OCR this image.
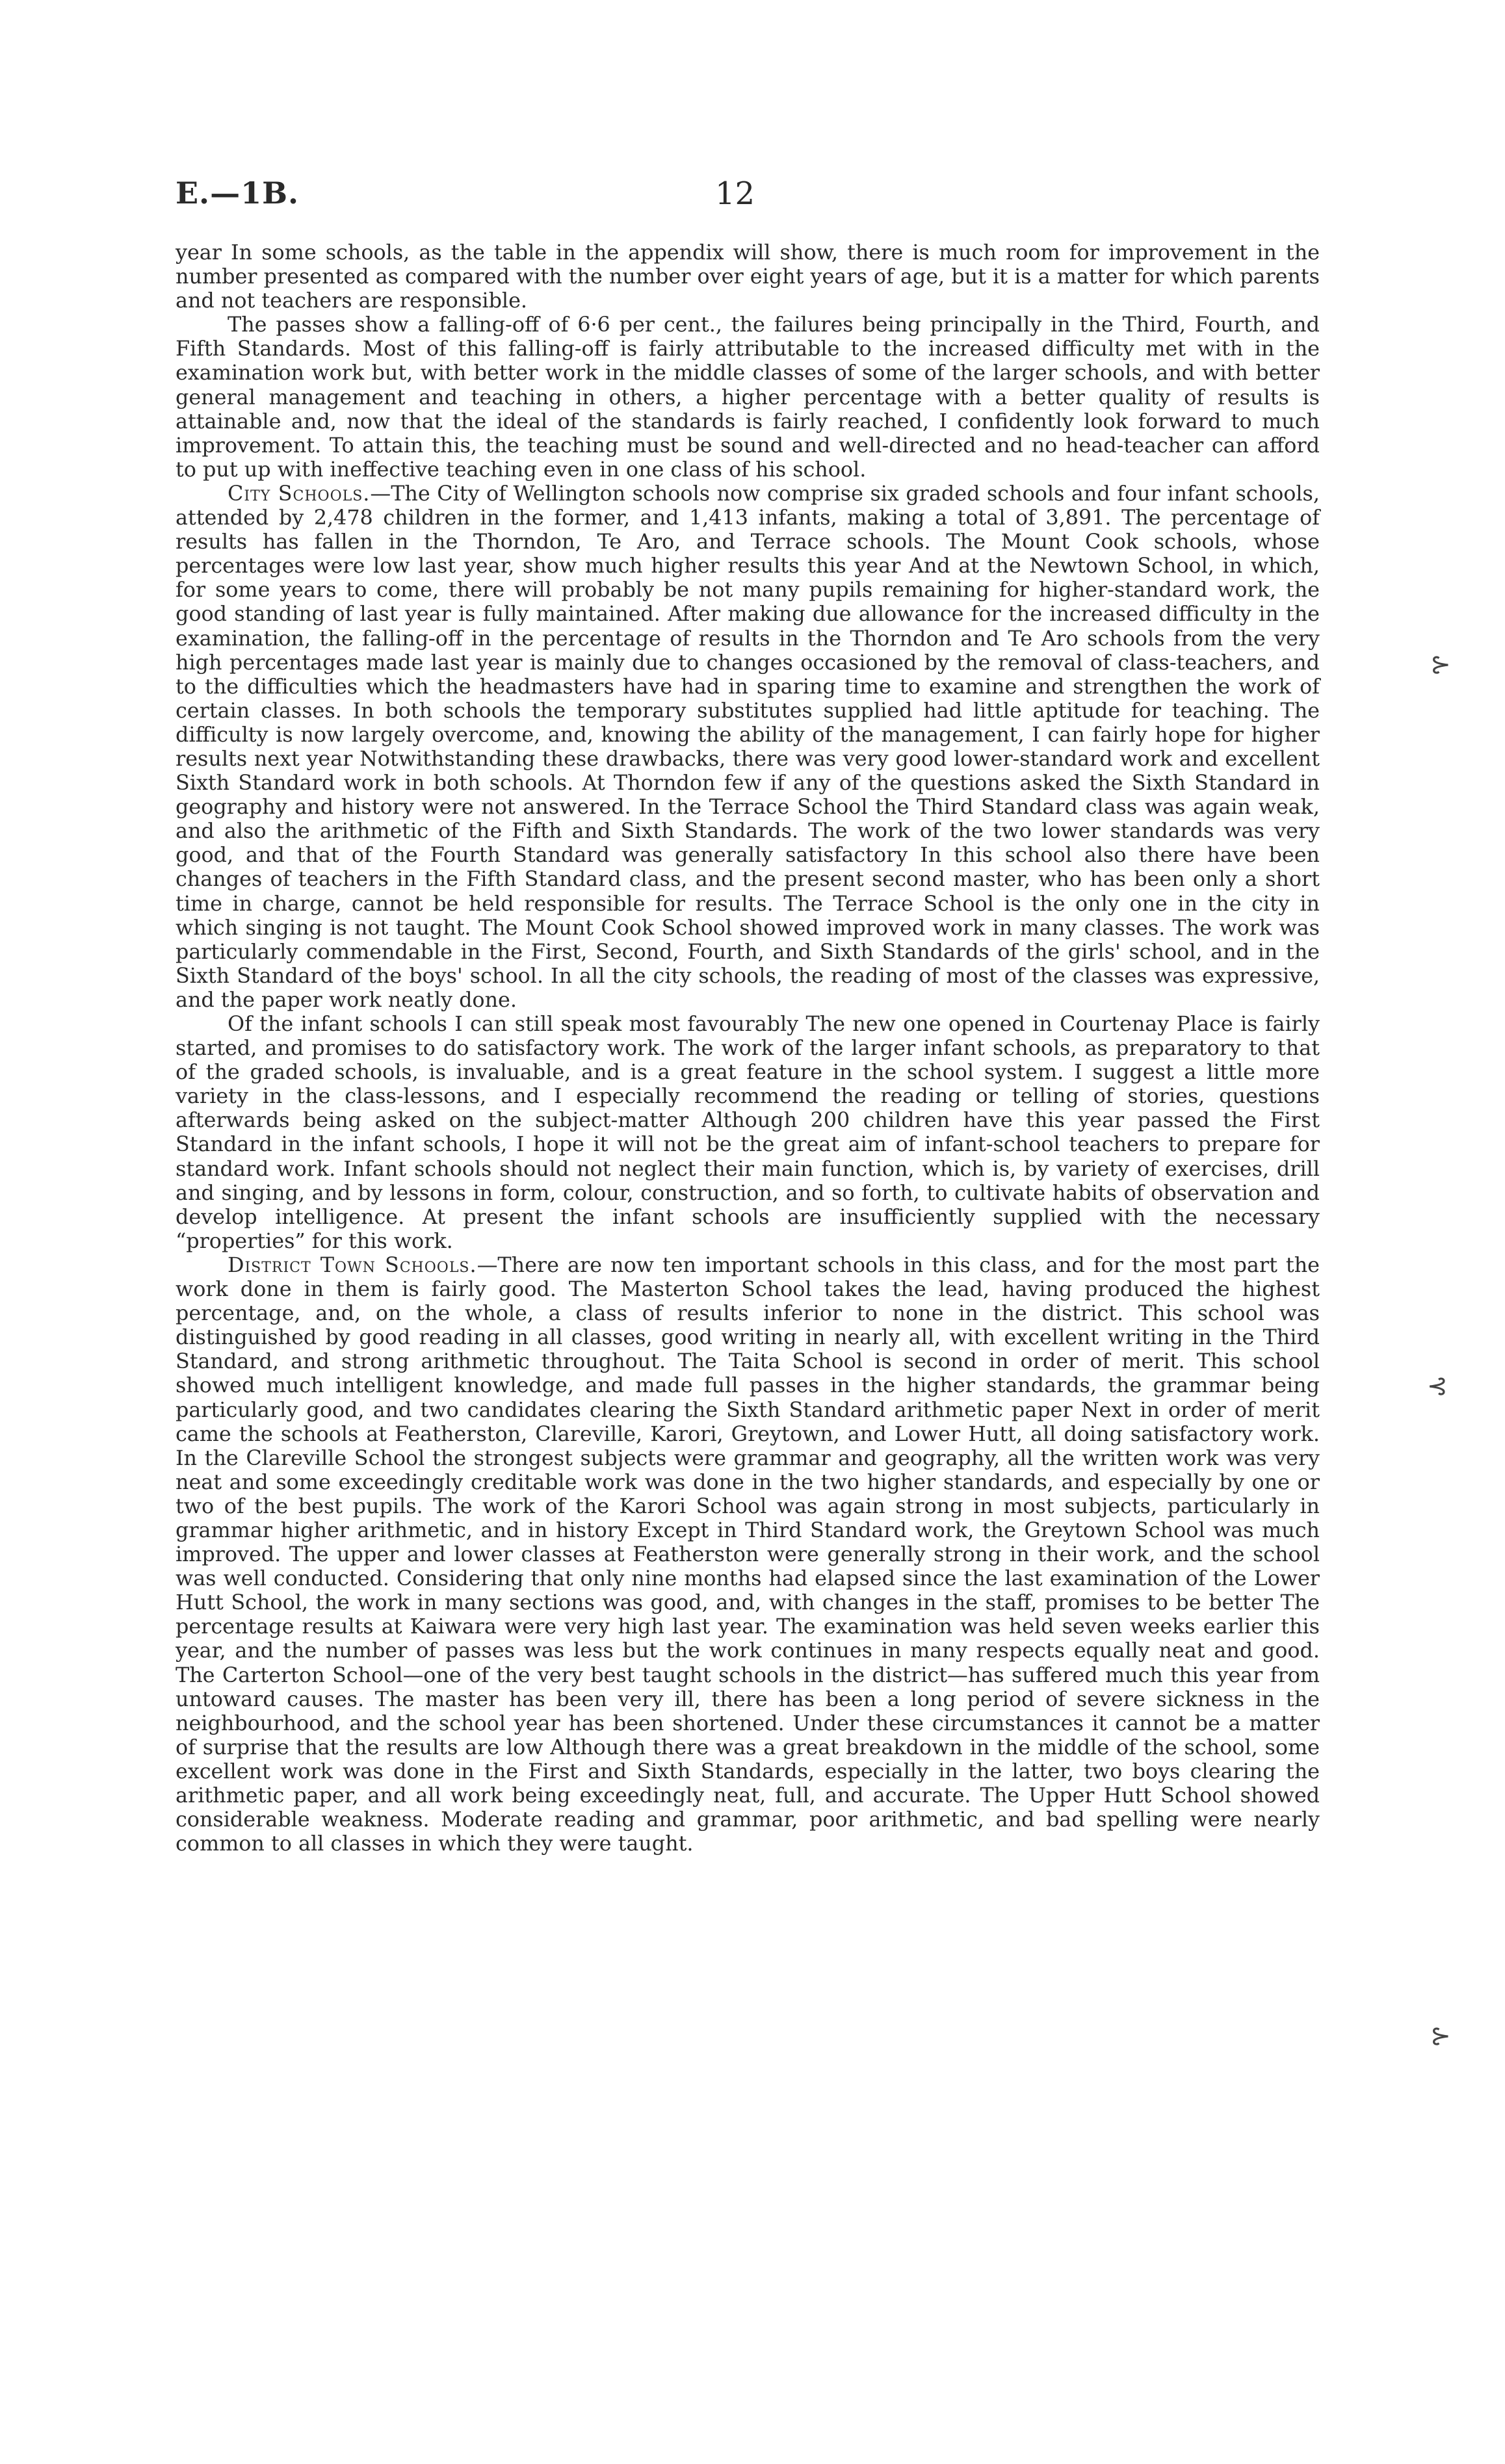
E.—1B.	12

year In some schools, as the table in the appendix will show, there is much room for improvement in the number presented as compared with the number over eight years of age, but it is a matter for which parents and not teachers are responsible.

The passes show a falling-off of 6·6 per cent., the failures being principally in the Third, Fourth, and Fifth Standards. Most of this falling-off is fairly attributable to the increased difficulty met with in the examination work but, with better work in the middle classes of some of the larger schools, and with better general management and teaching in others, a higher percentage with a better quality of results is attainable and, now that the ideal of the standards is fairly reached, I confidently look forward to much improvement. To attain this, the teaching must be sound and well-directed and no head-teacher can afford to put up with ineffective teaching even in one class of his school.

City Schools.—The City of Wellington schools now comprise six graded schools and four infant schools, attended by 2,478 children in the former, and 1,413 infants, making a total of 3,891. The percentage of results has fallen in the Thorndon, Te Aro, and Terrace schools. The Mount Cook schools, whose percentages were low last year, show much higher results this year And at the Newtown School, in which, for some years to come, there will probably be not many pupils remaining for higher-standard work, the good standing of last year is fully maintained. After making due allowance for the increased difficulty in the examination, the falling-off in the percentage of results in the Thorndon and Te Aro schools from the very high percentages made last year is mainly due to changes occasioned by the removal of class-teachers, and to the difficulties which the headmasters have had in sparing time to examine and strengthen the work of certain classes. In both schools the temporary substitutes supplied had little aptitude for teaching. The difficulty is now largely overcome, and, knowing the ability of the management, I can fairly hope for higher results next year Notwithstanding these drawbacks, there was very good lower-standard work and excellent Sixth Standard work in both schools. At Thorndon few if any of the questions asked the Sixth Standard in geography and history were not answered. In the Terrace School the Third Standard class was again weak, and also the arithmetic of the Fifth and Sixth Standards. The work of the two lower standards was very good, and that of the Fourth Standard was generally satisfactory In this school also there have been changes of teachers in the Fifth Standard class, and the present second master, who has been only a short time in charge, cannot be held responsible for results. The Terrace School is the only one in the city in which singing is not taught. The Mount Cook School showed improved work in many classes. The work was particularly commendable in the First, Second, Fourth, and Sixth Standards of the girls' school, and in the Sixth Standard of the boys' school. In all the city schools, the reading of most of the classes was expressive, and the paper work neatly done.

Of the infant schools I can still speak most favourably The new one opened in Courtenay Place is fairly started, and promises to do satisfactory work. The work of the larger infant schools, as preparatory to that of the graded schools, is invaluable, and is a great feature in the school system. I suggest a little more variety in the class-lessons, and I especially recommend the reading or telling of stories, questions afterwards being asked on the subject-matter Although 200 children have this year passed the First Standard in the infant schools, I hope it will not be the great aim of infant-school teachers to prepare for standard work. Infant schools should not neglect their main function, which is, by variety of exercises, drill and singing, and by lessons in form, colour, construction, and so forth, to cultivate habits of observation and develop intelligence. At present the infant schools are insufficiently supplied with the necessary “properties” for this work.

District Town Schools.—There are now ten important schools in this class, and for the most part the work done in them is fairly good. The Masterton School takes the lead, having produced the highest percentage, and, on the whole, a class of results inferior to none in the district. This school was distinguished by good reading in all classes, good writing in nearly all, with excellent writing in the Third Standard, and strong arithmetic throughout. The Taita School is second in order of merit. This school showed much intelligent knowledge, and made full passes in the higher standards, the grammar being particularly good, and two candidates clearing the Sixth Standard arithmetic paper Next in order of merit came the schools at Featherston, Clareville, Karori, Greytown, and Lower Hutt, all doing satisfactory work. In the Clareville School the strongest subjects were grammar and geography, all the written work was very neat and some exceedingly creditable work was done in the two higher standards, and especially by one or two of the best pupils. The work of the Karori School was again strong in most subjects, particularly in grammar higher arithmetic, and in history Except in Third Standard work, the Greytown School was much improved. The upper and lower classes at Featherston were generally strong in their work, and the school was well conducted. Considering that only nine months had elapsed since the last examination of the Lower Hutt School, the work in many sections was good, and, with changes in the staff, promises to be better The percentage results at Kaiwara were very high last year. The examination was held seven weeks earlier this year, and the number of passes was less but the work continues in many respects equally neat and good. The Carterton School—one of the very best taught schools in the district—has suffered much this year from untoward causes. The master has been very ill, there has been a long period of severe sickness in the neighbourhood, and the school year has been shortened. Under these circumstances it cannot be a matter of surprise that the results are low Although there was a great breakdown in the middle of the school, some excellent work was done in the First and Sixth Standards, especially in the latter, two boys clearing the arithmetic paper, and all work being exceedingly neat, full, and accurate. The Upper Hutt School showed considerable weakness. Moderate reading and grammar, poor arithmetic, and bad spelling were nearly common to all classes in which they were taught.

⊱
⊰
⊱
